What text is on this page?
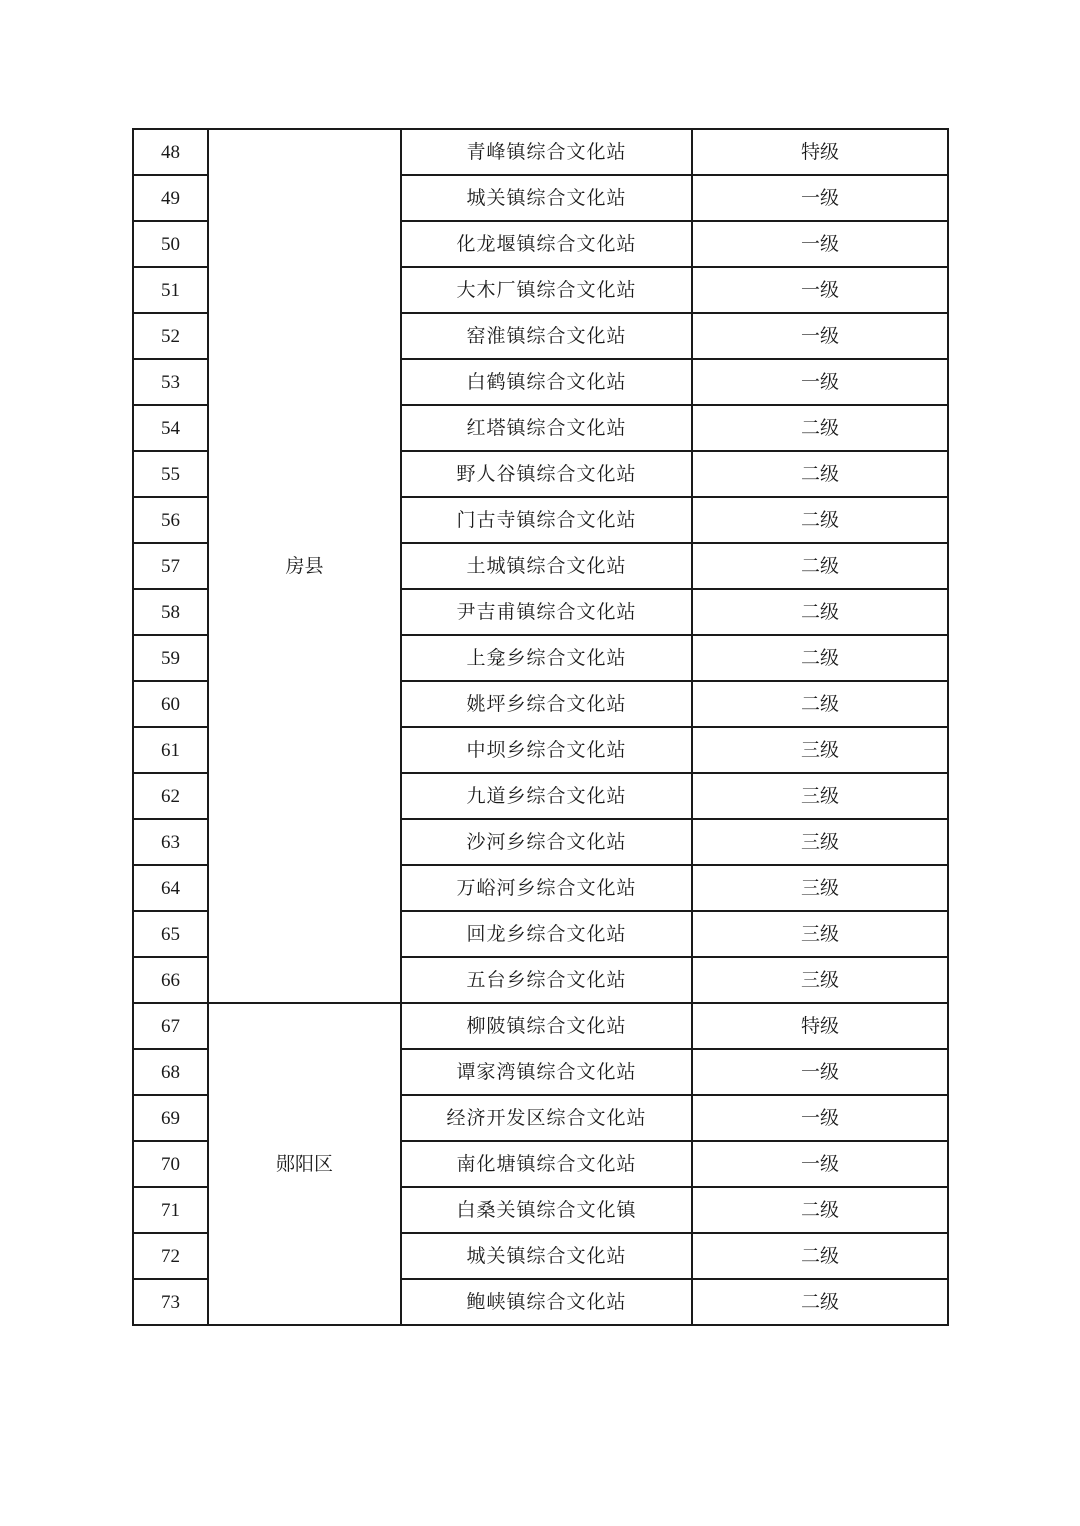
48	房县	青峰镇综合文化站	特级
49		城关镇综合文化站	一级
50		化龙堰镇综合文化站	一级
51		大木厂镇综合文化站	一级
52		窑淮镇综合文化站	一级
53		白鹤镇综合文化站	一级
54		红塔镇综合文化站	二级
55		野人谷镇综合文化站	二级
56		门古寺镇综合文化站	二级
57		土城镇综合文化站	二级
58		尹吉甫镇综合文化站	二级
59		上龛乡综合文化站	二级
60		姚坪乡综合文化站	二级
61		中坝乡综合文化站	三级
62		九道乡综合文化站	三级
63		沙河乡综合文化站	三级
64		万峪河乡综合文化站	三级
65		回龙乡综合文化站	三级
66		五台乡综合文化站	三级
67	郧阳区	柳陂镇综合文化站	特级
68		谭家湾镇综合文化站	一级
69		经济开发区综合文化站	一级
70		南化塘镇综合文化站	一级
71		白桑关镇综合文化镇	二级
72		城关镇综合文化站	二级
73		鲍峡镇综合文化站	二级
